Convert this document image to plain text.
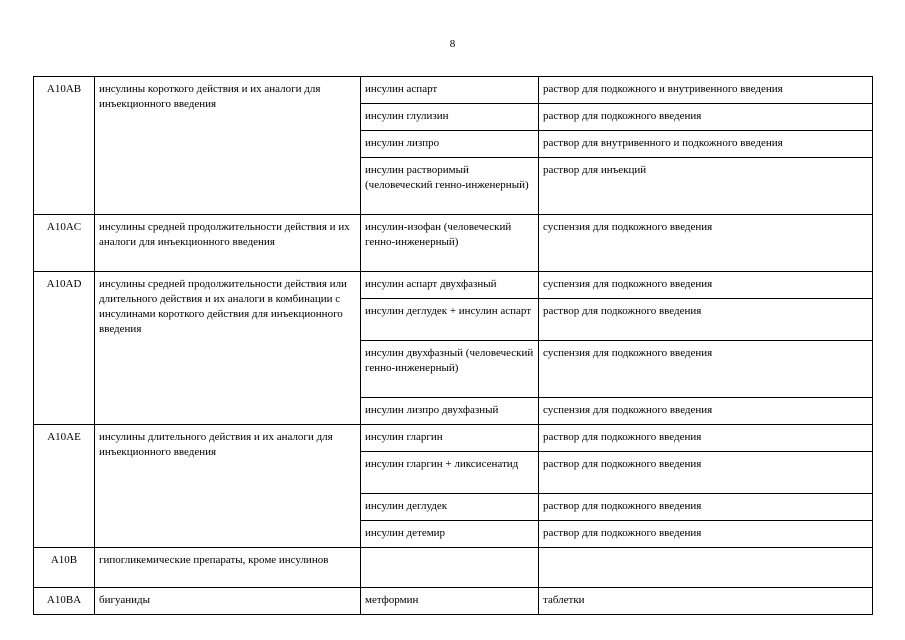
8
A10AB	инсулины короткого действия и их аналоги для инъекционного введения	инсулин аспарт	раствор для подкожного и внутривенного введения
		инсулин глулизин	раствор для подкожного введения
		инсулин лизпро	раствор для внутривенного и подкожного введения
		инсулин растворимый (человеческий генно-инженерный)	раствор для инъекций
A10AC	инсулины средней продолжительности действия и их аналоги для инъекционного введения	инсулин-изофан (человеческий генно-инженерный)	суспензия для подкожного введения
A10AD	инсулины средней продолжительности действия или длительного действия и их аналоги в комбинации с инсулинами короткого действия для инъекционного введения	инсулин аспарт двухфазный	суспензия для подкожного введения
		инсулин деглудек + инсулин аспарт	раствор для подкожного введения
		инсулин двухфазный (человеческий генно-инженерный)	суспензия для подкожного введения
		инсулин лизпро двухфазный	суспензия для подкожного введения
A10AE	инсулины длительного действия и их аналоги для инъекционного введения	инсулин гларгин	раствор для подкожного введения
		инсулин гларгин + ликсисенатид	раствор для подкожного введения
		инсулин деглудек	раствор для подкожного введения
		инсулин детемир	раствор для подкожного введения
A10B	гипогликемические препараты, кроме инсулинов		
A10BA	бигуаниды	метформин	таблетки
